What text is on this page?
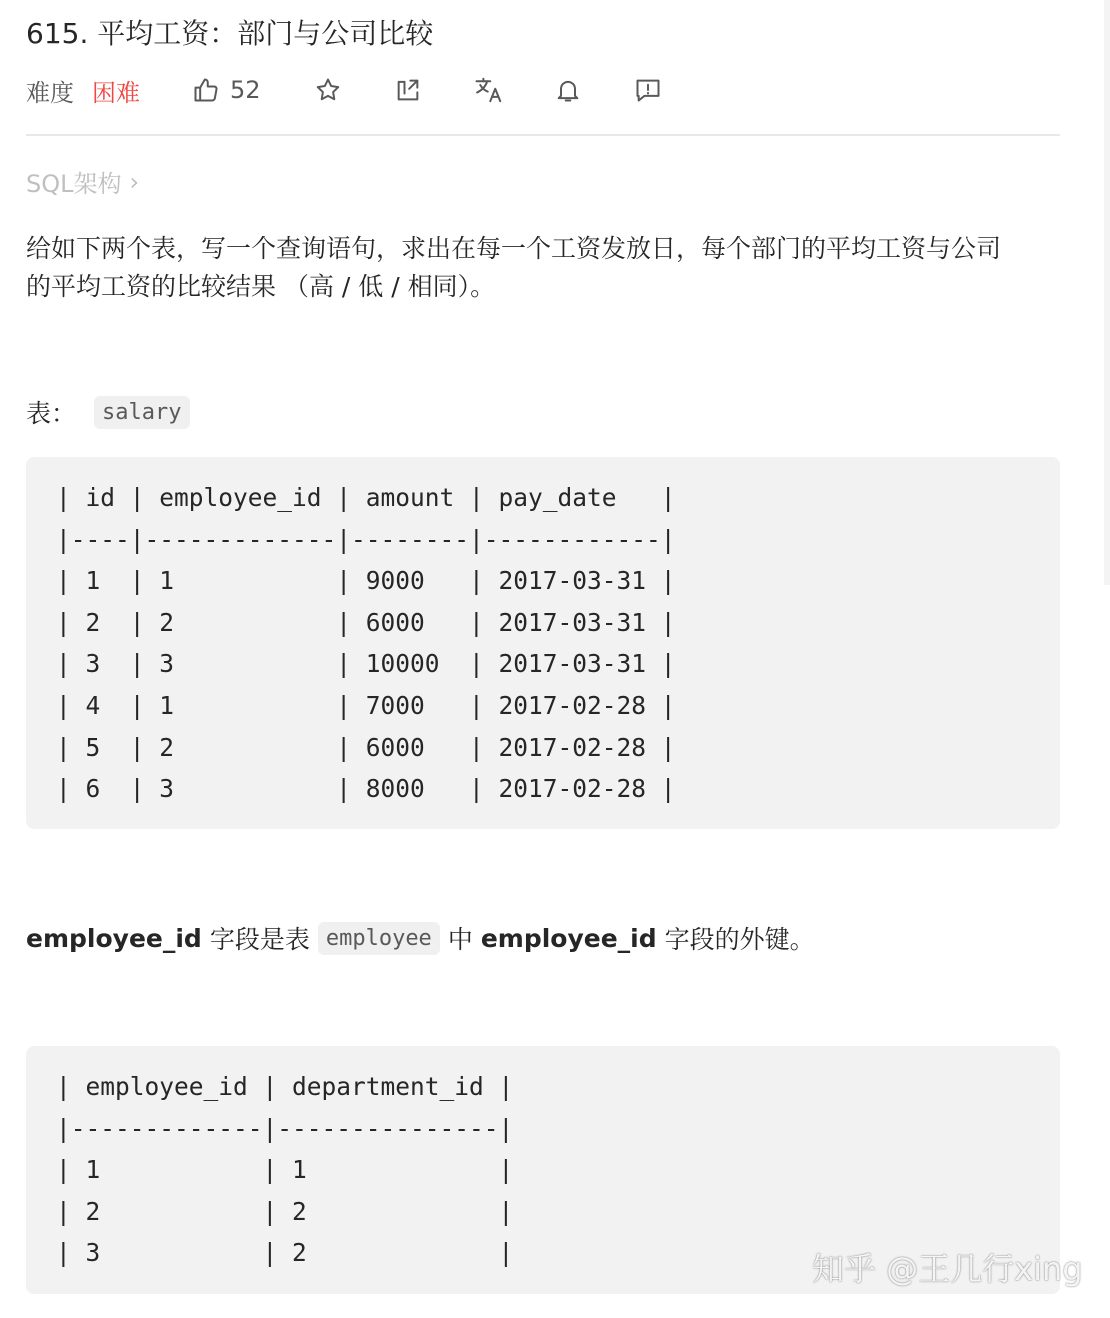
615. 平均工资：部门与公司比较
难度 困难	52
SQL架构 ›

给如下两个表，写一个查询语句，求出在每一个工资发放日，每个部门的平均工资与公司

的平均工资的比较结果 （高 / 低 / 相同）。

表：	salary
| id | employee_id | amount | pay_date   |
|----|-------------|--------|------------|
| 1  | 1           | 9000   | 2017-03-31 |
| 2  | 2           | 6000   | 2017-03-31 |
| 3  | 3           | 10000  | 2017-03-31 |
| 4  | 1           | 7000   | 2017-02-28 |
| 5  | 2           | 6000   | 2017-02-28 |
| 6  | 3           | 8000   | 2017-02-28 |
employee_id 字段是表 employee 中 employee_id 字段的外键。
| employee_id | department_id |
|-------------|---------------|
| 1           | 1             |
| 2           | 2             |
| 3           | 2             |	知乎 @王几行xing
